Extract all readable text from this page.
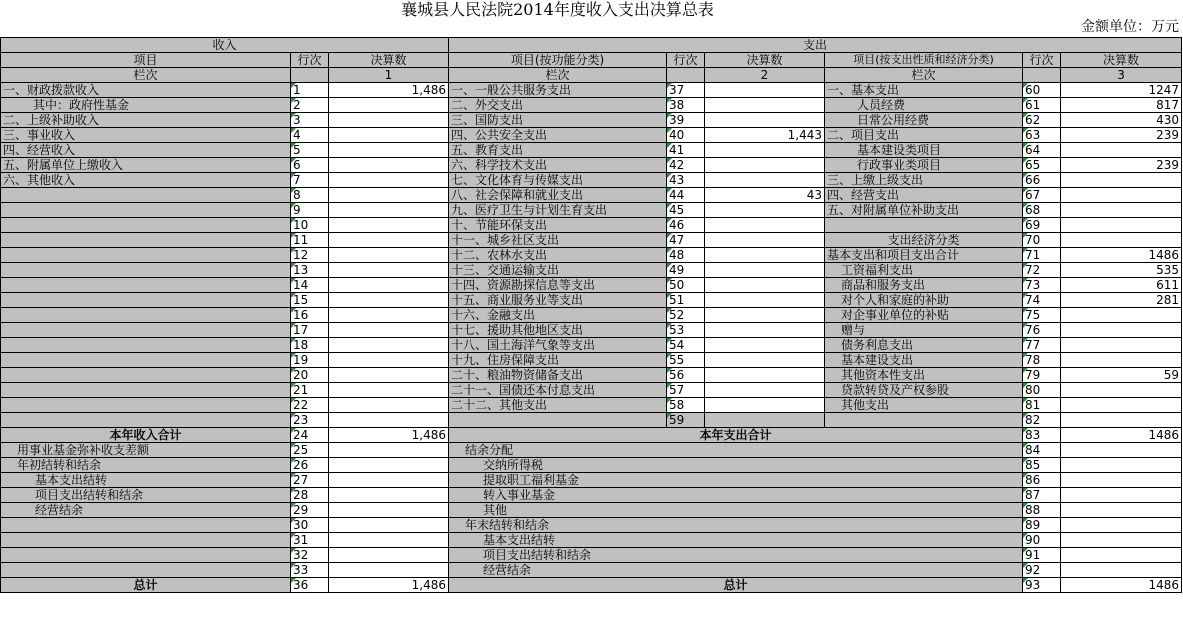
襄城县人民法院2014年度收入支出决算总表
金额单位：万元
收入			支出					
项目	行次	决算数	项目(按功能分类)	行次	决算数	项目(按支出性质和经济分类)	行次	决算数
栏次		1	栏次		2	栏次		3
一、财政拨款收入	1	1,486	一、一般公共服务支出	37		一、基本支出	60	1247
其中：政府性基金	2		二、外交支出	38		人员经费	61	817
二、上级补助收入	3		三、国防支出	39		日常公用经费	62	430
三、事业收入	4		四、公共安全支出	40	1,443	二、项目支出	63	239
四、经营收入	5		五、教育支出	41		基本建设类项目	64	
五、附属单位上缴收入	6		六、科学技术支出	42		行政事业类项目	65	239
六、其他收入	7		七、文化体育与传媒支出	43		三、上缴上级支出	66	
	8		八、社会保障和就业支出	44	43	四、经营支出	67	
	9		九、医疗卫生与计划生育支出	45		五、对附属单位补助支出	68	
	10		十、节能环保支出	46			69	
	11		十一、城乡社区支出	47		支出经济分类	70	
	12		十二、农林水支出	48		基本支出和项目支出合计	71	1486
	13		十三、交通运输支出	49		工资福利支出	72	535
	14		十四、资源勘探信息等支出	50		商品和服务支出	73	611
	15		十五、商业服务业等支出	51		对个人和家庭的补助	74	281
	16		十六、金融支出	52		对企事业单位的补贴	75	
	17		十七、援助其他地区支出	53		赠与	76	
	18		十八、国土海洋气象等支出	54		债务利息支出	77	
	19		十九、住房保障支出	55		基本建设支出	78	
	20		二十、粮油物资储备支出	56		其他资本性支出	79	59
	21		二十一、国债还本付息支出	57		贷款转贷及产权参股	80	
	22		二十二、其他支出	58		其他支出	81	
	23			59			82	
本年收入合计	24	1,486	本年支出合计				83	1486
用事业基金弥补收支差额	25		结余分配				84	
年初结转和结余	26		交纳所得税				85	
基本支出结转	27		提取职工福利基金				86	
项目支出结转和结余	28		转入事业基金				87	
经营结余	29		其他				88	
	30		年末结转和结余				89	
	31		基本支出结转				90	
	32		项目支出结转和结余				91	
	33		经营结余				92	
总计	36	1,486	总计				93	1486
